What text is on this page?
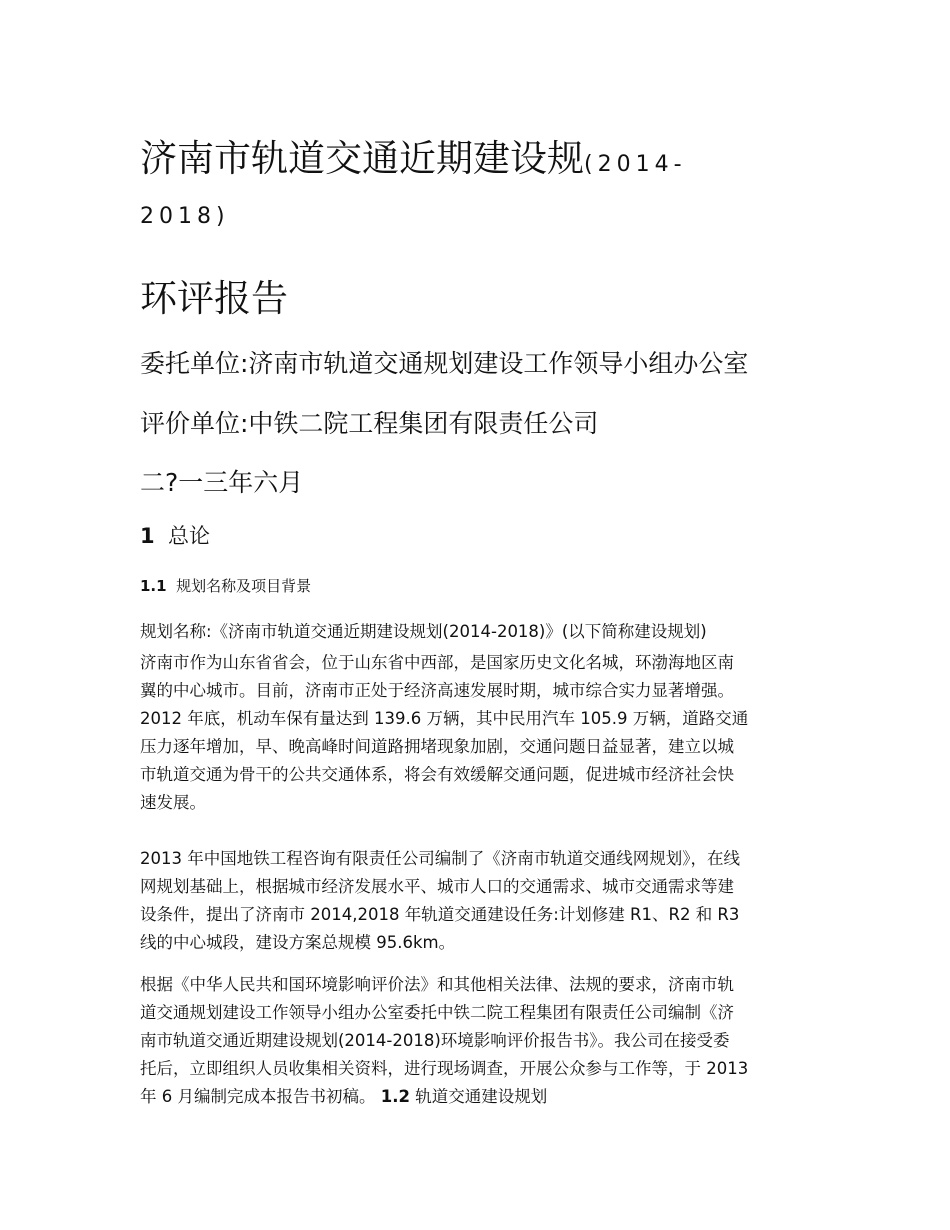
济南市轨道交通近期建设规(2014-
2018)
环评报告
委托单位:济南市轨道交通规划建设工作领导小组办公室
评价单位:中铁二院工程集团有限责任公司
二?一三年六月
1 总论
1.1 规划名称及项目背景
规划名称:《济南市轨道交通近期建设规划(2014-2018)》(以下简称建设规划)
济南市作为山东省省会，位于山东省中西部，是国家历史文化名城，环渤海地区南
翼的中心城市。目前，济南市正处于经济高速发展时期，城市综合实力显著增强。
2012 年底，机动车保有量达到 139.6 万辆，其中民用汽车 105.9 万辆，道路交通
压力逐年增加，早、晚高峰时间道路拥堵现象加剧，交通问题日益显著，建立以城
市轨道交通为骨干的公共交通体系，将会有效缓解交通问题，促进城市经济社会快
速发展。
2013 年中国地铁工程咨询有限责任公司编制了《济南市轨道交通线网规划》，在线
网规划基础上，根据城市经济发展水平、城市人口的交通需求、城市交通需求等建
设条件，提出了济南市 2014,2018 年轨道交通建设任务:计划修建 R1、R2 和 R3
线的中心城段，建设方案总规模 95.6km。
根据《中华人民共和国环境影响评价法》和其他相关法律、法规的要求，济南市轨
道交通规划建设工作领导小组办公室委托中铁二院工程集团有限责任公司编制《济
南市轨道交通近期建设规划(2014-2018)环境影响评价报告书》。我公司在接受委
托后，立即组织人员收集相关资料，进行现场调查，开展公众参与工作等，于 2013
年 6 月编制完成本报告书初稿。 1.2 轨道交通建设规划
